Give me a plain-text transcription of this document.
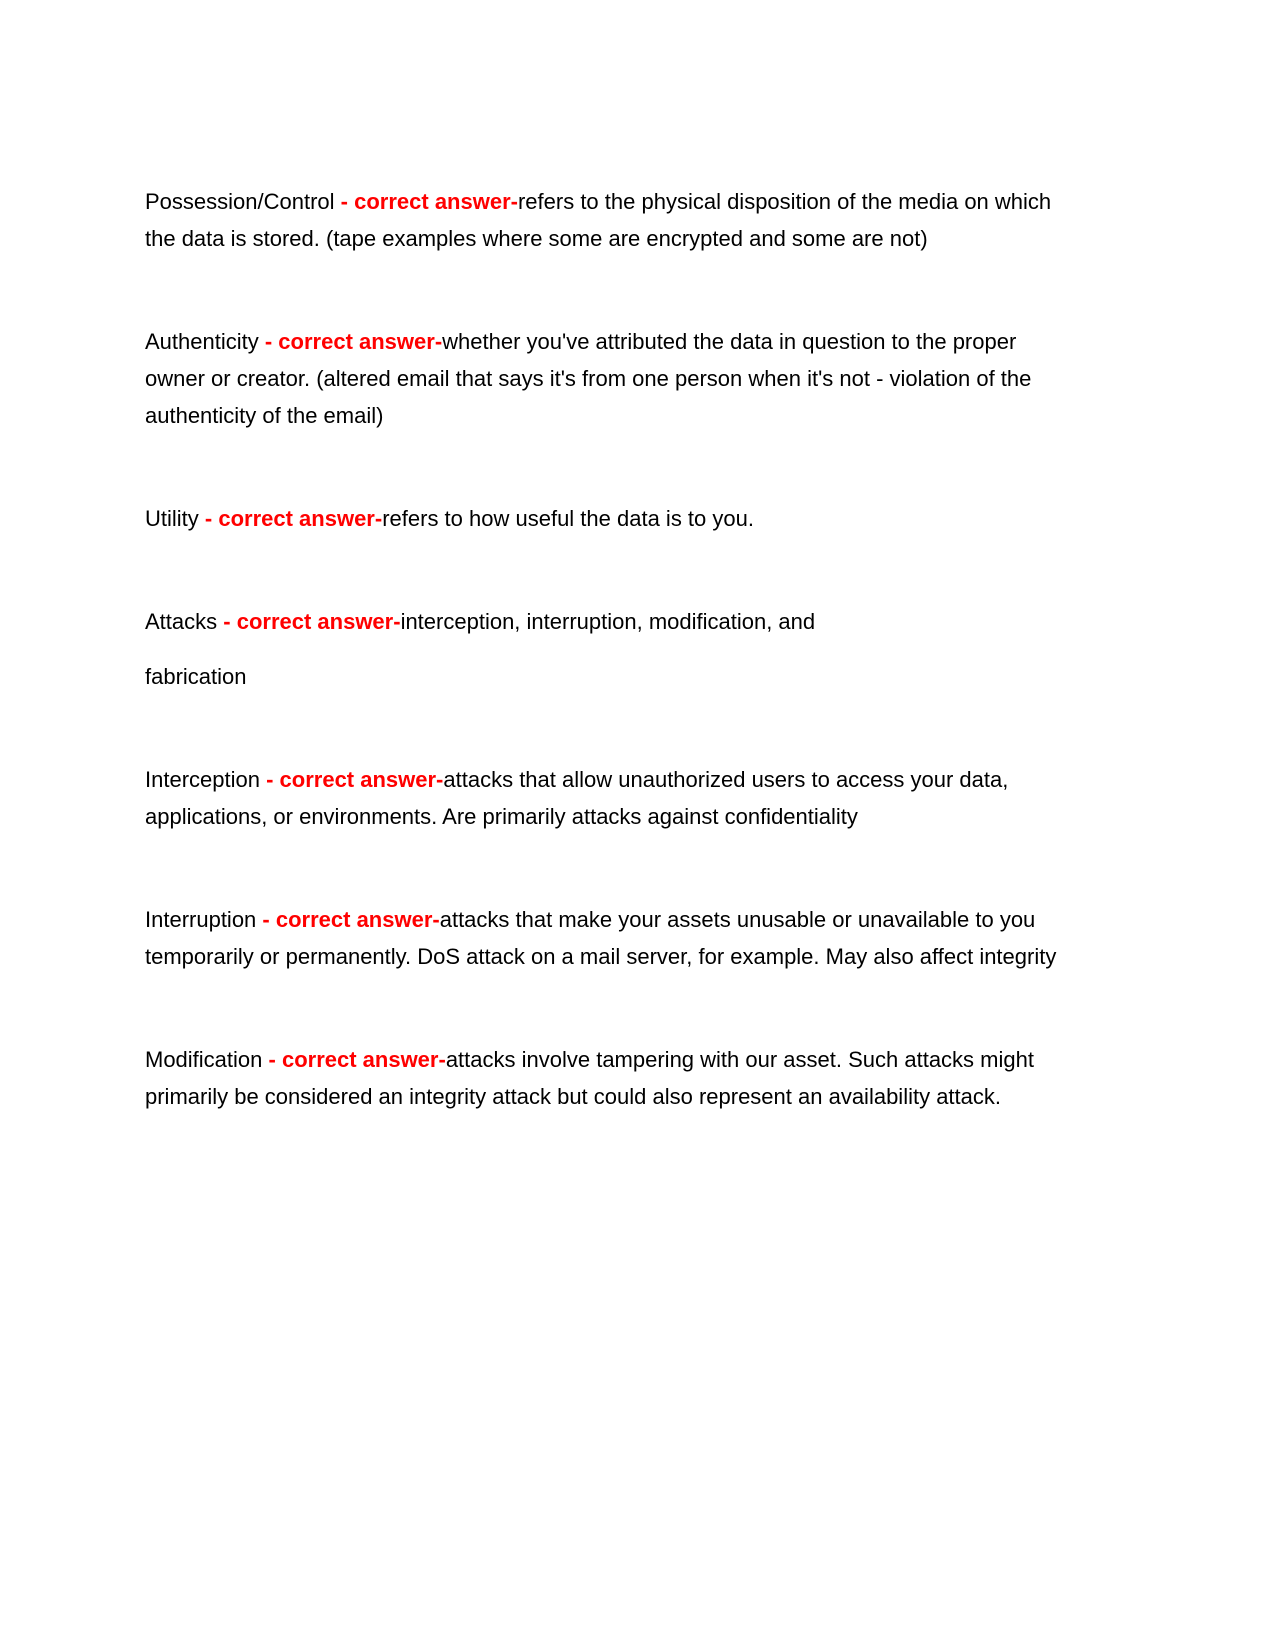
Possession/Control - correct answer-refers to the physical disposition of the media on which the data is stored. (tape examples where some are encrypted and some are not)

Authenticity - correct answer-whether you've attributed the data in question to the proper owner or creator. (altered email that says it's from one person when it's not - violation of the authenticity of the email)

Utility - correct answer-refers to how useful the data is to you.

Attacks - correct answer-interception, interruption, modification, and

fabrication

Interception - correct answer-attacks that allow unauthorized users to access your data, applications, or environments. Are primarily attacks against confidentiality

Interruption - correct answer-attacks that make your assets unusable or unavailable to you temporarily or permanently. DoS attack on a mail server, for example. May also affect integrity

Modification - correct answer-attacks involve tampering with our asset. Such attacks might primarily be considered an integrity attack but could also represent an availability attack.
